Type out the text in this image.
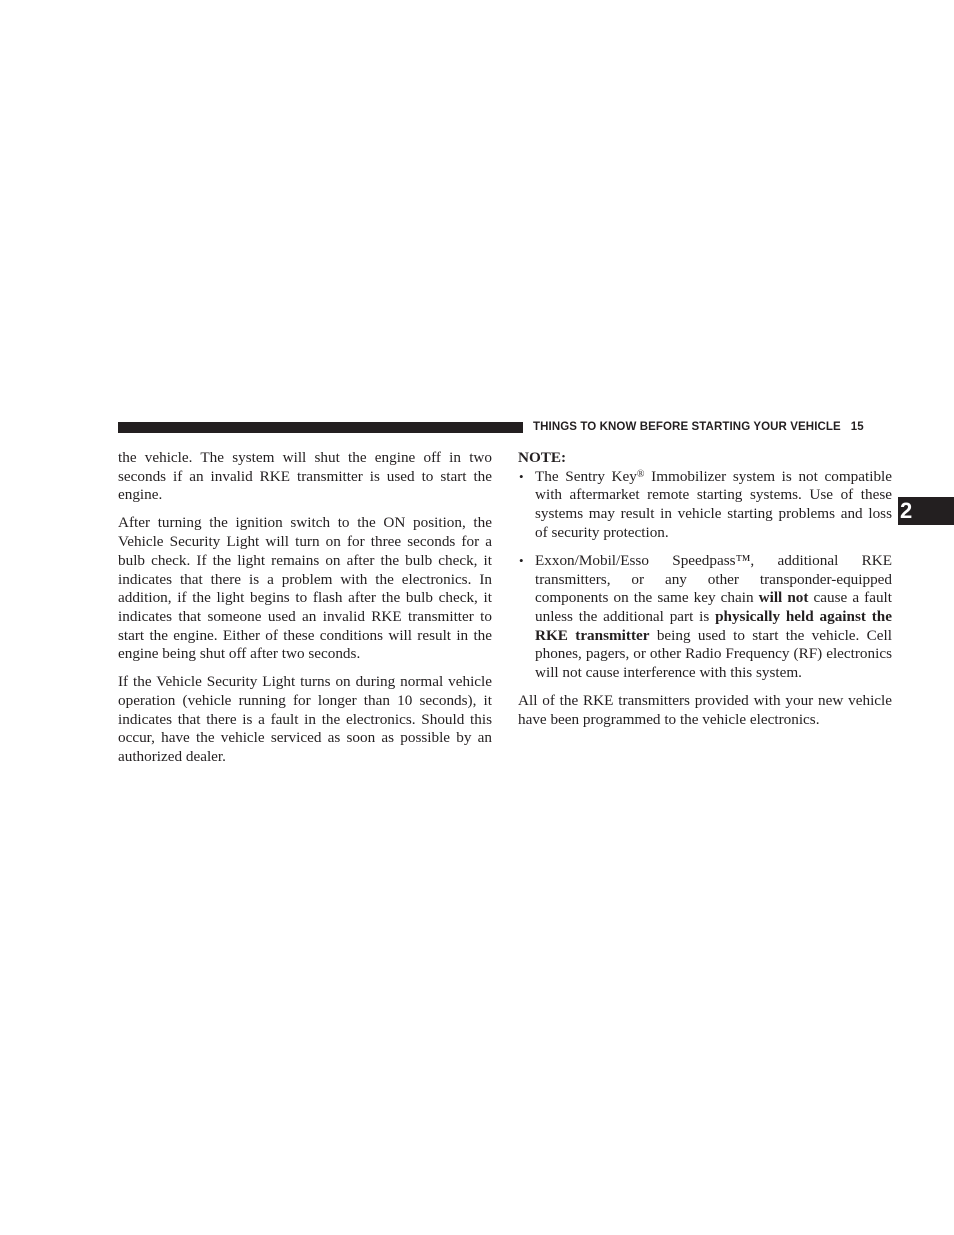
THINGS TO KNOW BEFORE STARTING YOUR VEHICLE 15
2

the vehicle. The system will shut the engine off in two seconds if an invalid RKE transmitter is used to start the engine.

After turning the ignition switch to the ON position, the Vehicle Security Light will turn on for three seconds for a bulb check. If the light remains on after the bulb check, it indicates that there is a problem with the electronics. In addition, if the light begins to flash after the bulb check, it indicates that someone used an invalid RKE transmitter to start the engine. Either of these conditions will result in the engine being shut off after two seconds.

If the Vehicle Security Light turns on during normal vehicle operation (vehicle running for longer than 10 seconds), it indicates that there is a fault in the electronics. Should this occur, have the vehicle serviced as soon as possible by an authorized dealer.

NOTE:

• The Sentry Key® Immobilizer system is not compatible with aftermarket remote starting systems. Use of these systems may result in vehicle starting problems and loss of security protection.
• Exxon/Mobil/Esso Speedpass™, additional RKE transmitters, or any other transponder-equipped components on the same key chain will not cause a fault unless the additional part is physically held against the RKE transmitter being used to start the vehicle. Cell phones, pagers, or other Radio Frequency (RF) electronics will not cause interference with this system.

All of the RKE transmitters provided with your new vehicle have been programmed to the vehicle electronics.
